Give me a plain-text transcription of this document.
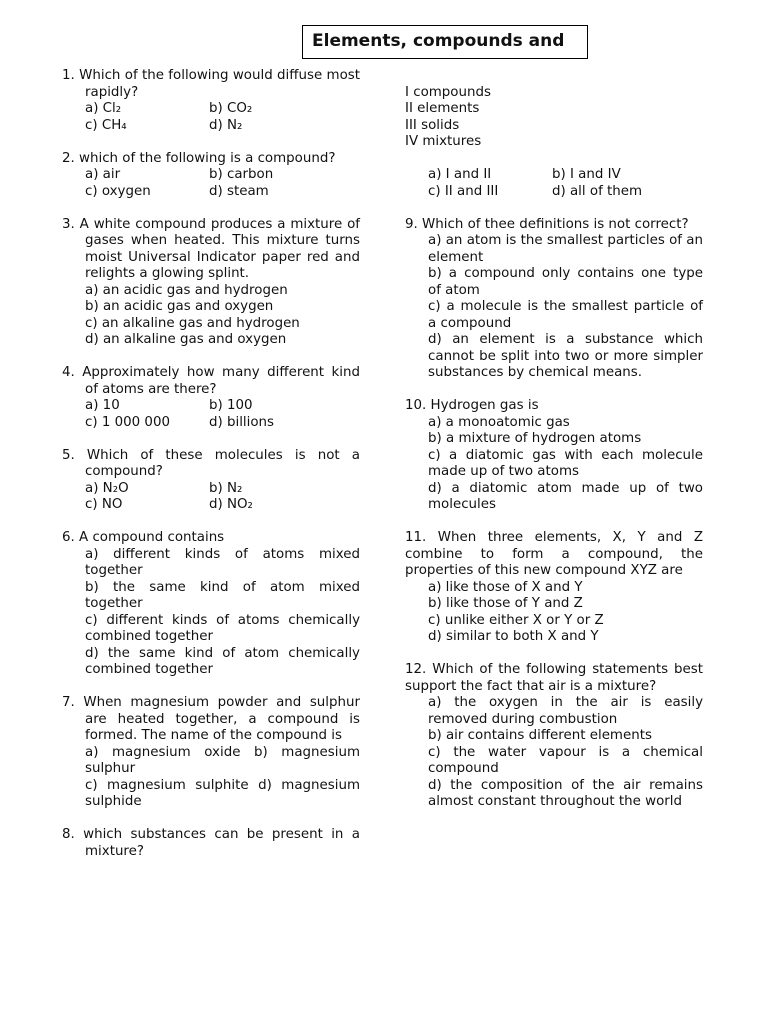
Elements, compounds and
1. Which of the following would diffuse most rapidly?
a) Cl₂	b) CO₂
c) CH₄	d) N₂
2. which of the following is a compound?
a) air	b) carbon
c) oxygen	d) steam
3. A white compound produces a mixture of gases when heated. This mixture turns moist Universal Indicator paper red and relights a glowing splint.
a) an acidic gas and hydrogen
b) an acidic gas and oxygen
c) an alkaline gas and hydrogen
d) an alkaline gas and oxygen
4. Approximately how many different kind of atoms are there?
a) 10	b) 100
c) 1 000 000	d) billions
5. Which of these molecules is not a compound?
a) N₂O	b) N₂
c) NO	d) NO₂
6. A compound contains
a) different kinds of atoms mixed together
b) the same kind of atom mixed together
c) different kinds of atoms chemically combined together
d) the same kind of atom chemically combined together
7. When magnesium powder and sulphur are heated together, a compound is formed. The name of the compound is
a) magnesium oxide b) magnesium sulphur
c) magnesium sulphite d) magnesium sulphide
8. which substances can be present in a mixture?
I compounds
II elements
III solids
IV mixtures
a) I and II	b) I and IV
c) II and III	d) all of them
9. Which of thee definitions is not correct?
a) an atom is the smallest particles of an element
b) a compound only contains one type of atom
c) a molecule is the smallest particle of a compound
d) an element is a substance which cannot be split into two or more simpler substances by chemical means.
10. Hydrogen gas is
a) a monoatomic gas
b) a mixture of hydrogen atoms
c) a diatomic gas with each molecule made up of two atoms
d) a diatomic atom made up of two molecules
11. When three elements, X, Y and Z combine to form a compound, the properties of this new compound XYZ are
a) like those of X and Y
b) like those of Y and Z
c) unlike either X or Y or Z
d) similar to both X and Y
12. Which of the following statements best support the fact that air is a mixture?
a) the oxygen in the air is easily removed during combustion
b) air contains different elements
c) the water vapour is a chemical compound
d) the composition of the air remains almost constant throughout the world
